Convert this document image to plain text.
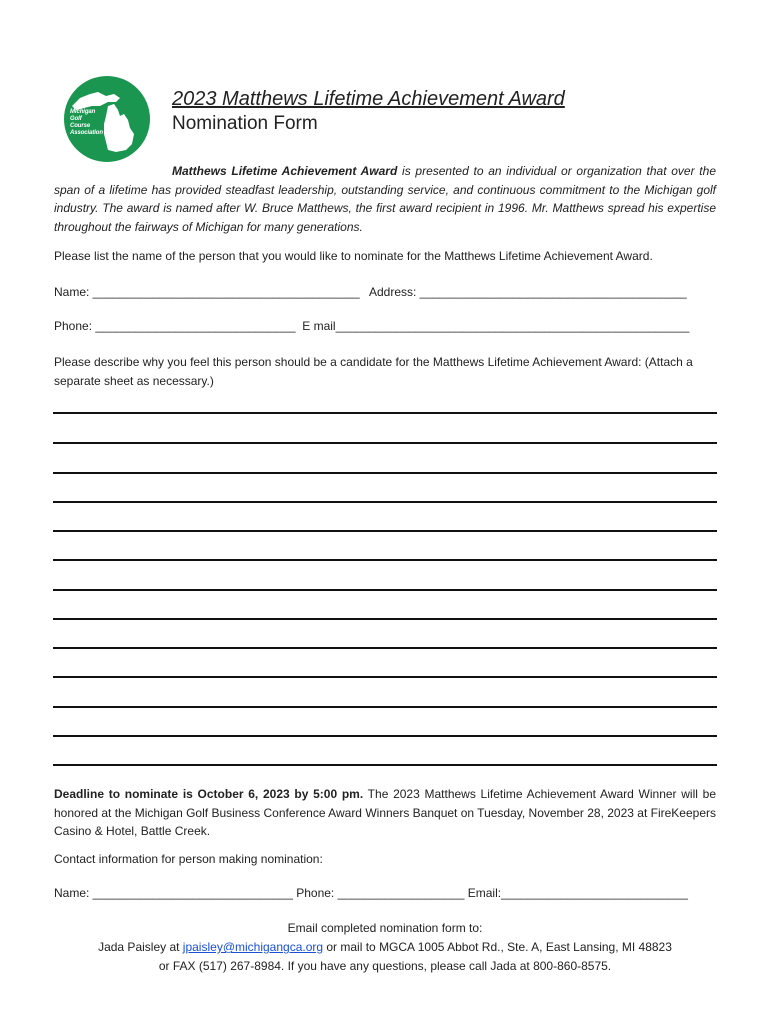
Michigan
Golf
Course
Association
2023 Matthews Lifetime Achievement Award
Nomination Form
Matthews Lifetime Achievement Award is presented to an individual or organization that over the span of a lifetime has provided steadfast leadership, outstanding service, and continuous commitment to the Michigan golf industry. The award is named after W. Bruce Matthews, the first award recipient in 1996. Mr. Matthews spread his expertise throughout the fairways of Michigan for many generations.
Please list the name of the person that you would like to nominate for the Matthews Lifetime Achievement Award.
Name: ________________________________________   Address: ________________________________________
Phone: ______________________________  E mail_____________________________________________________
Please describe why you feel this person should be a candidate for the Matthews Lifetime Achievement Award: (Attach a separate sheet as necessary.)
Deadline to nominate is October 6, 2023 by 5:00 pm. The 2023 Matthews Lifetime Achievement Award Winner will be honored at the Michigan Golf Business Conference Award Winners Banquet on Tuesday, November 28, 2023 at FireKeepers Casino & Hotel, Battle Creek.
Contact information for person making nomination:
Name: ______________________________ Phone: ___________________ Email:____________________________
Email completed nomination form to:
Jada Paisley at jpaisley@michigangca.org or mail to MGCA 1005 Abbot Rd., Ste. A, East Lansing, MI 48823
or FAX (517) 267-8984. If you have any questions, please call Jada at 800-860-8575.
